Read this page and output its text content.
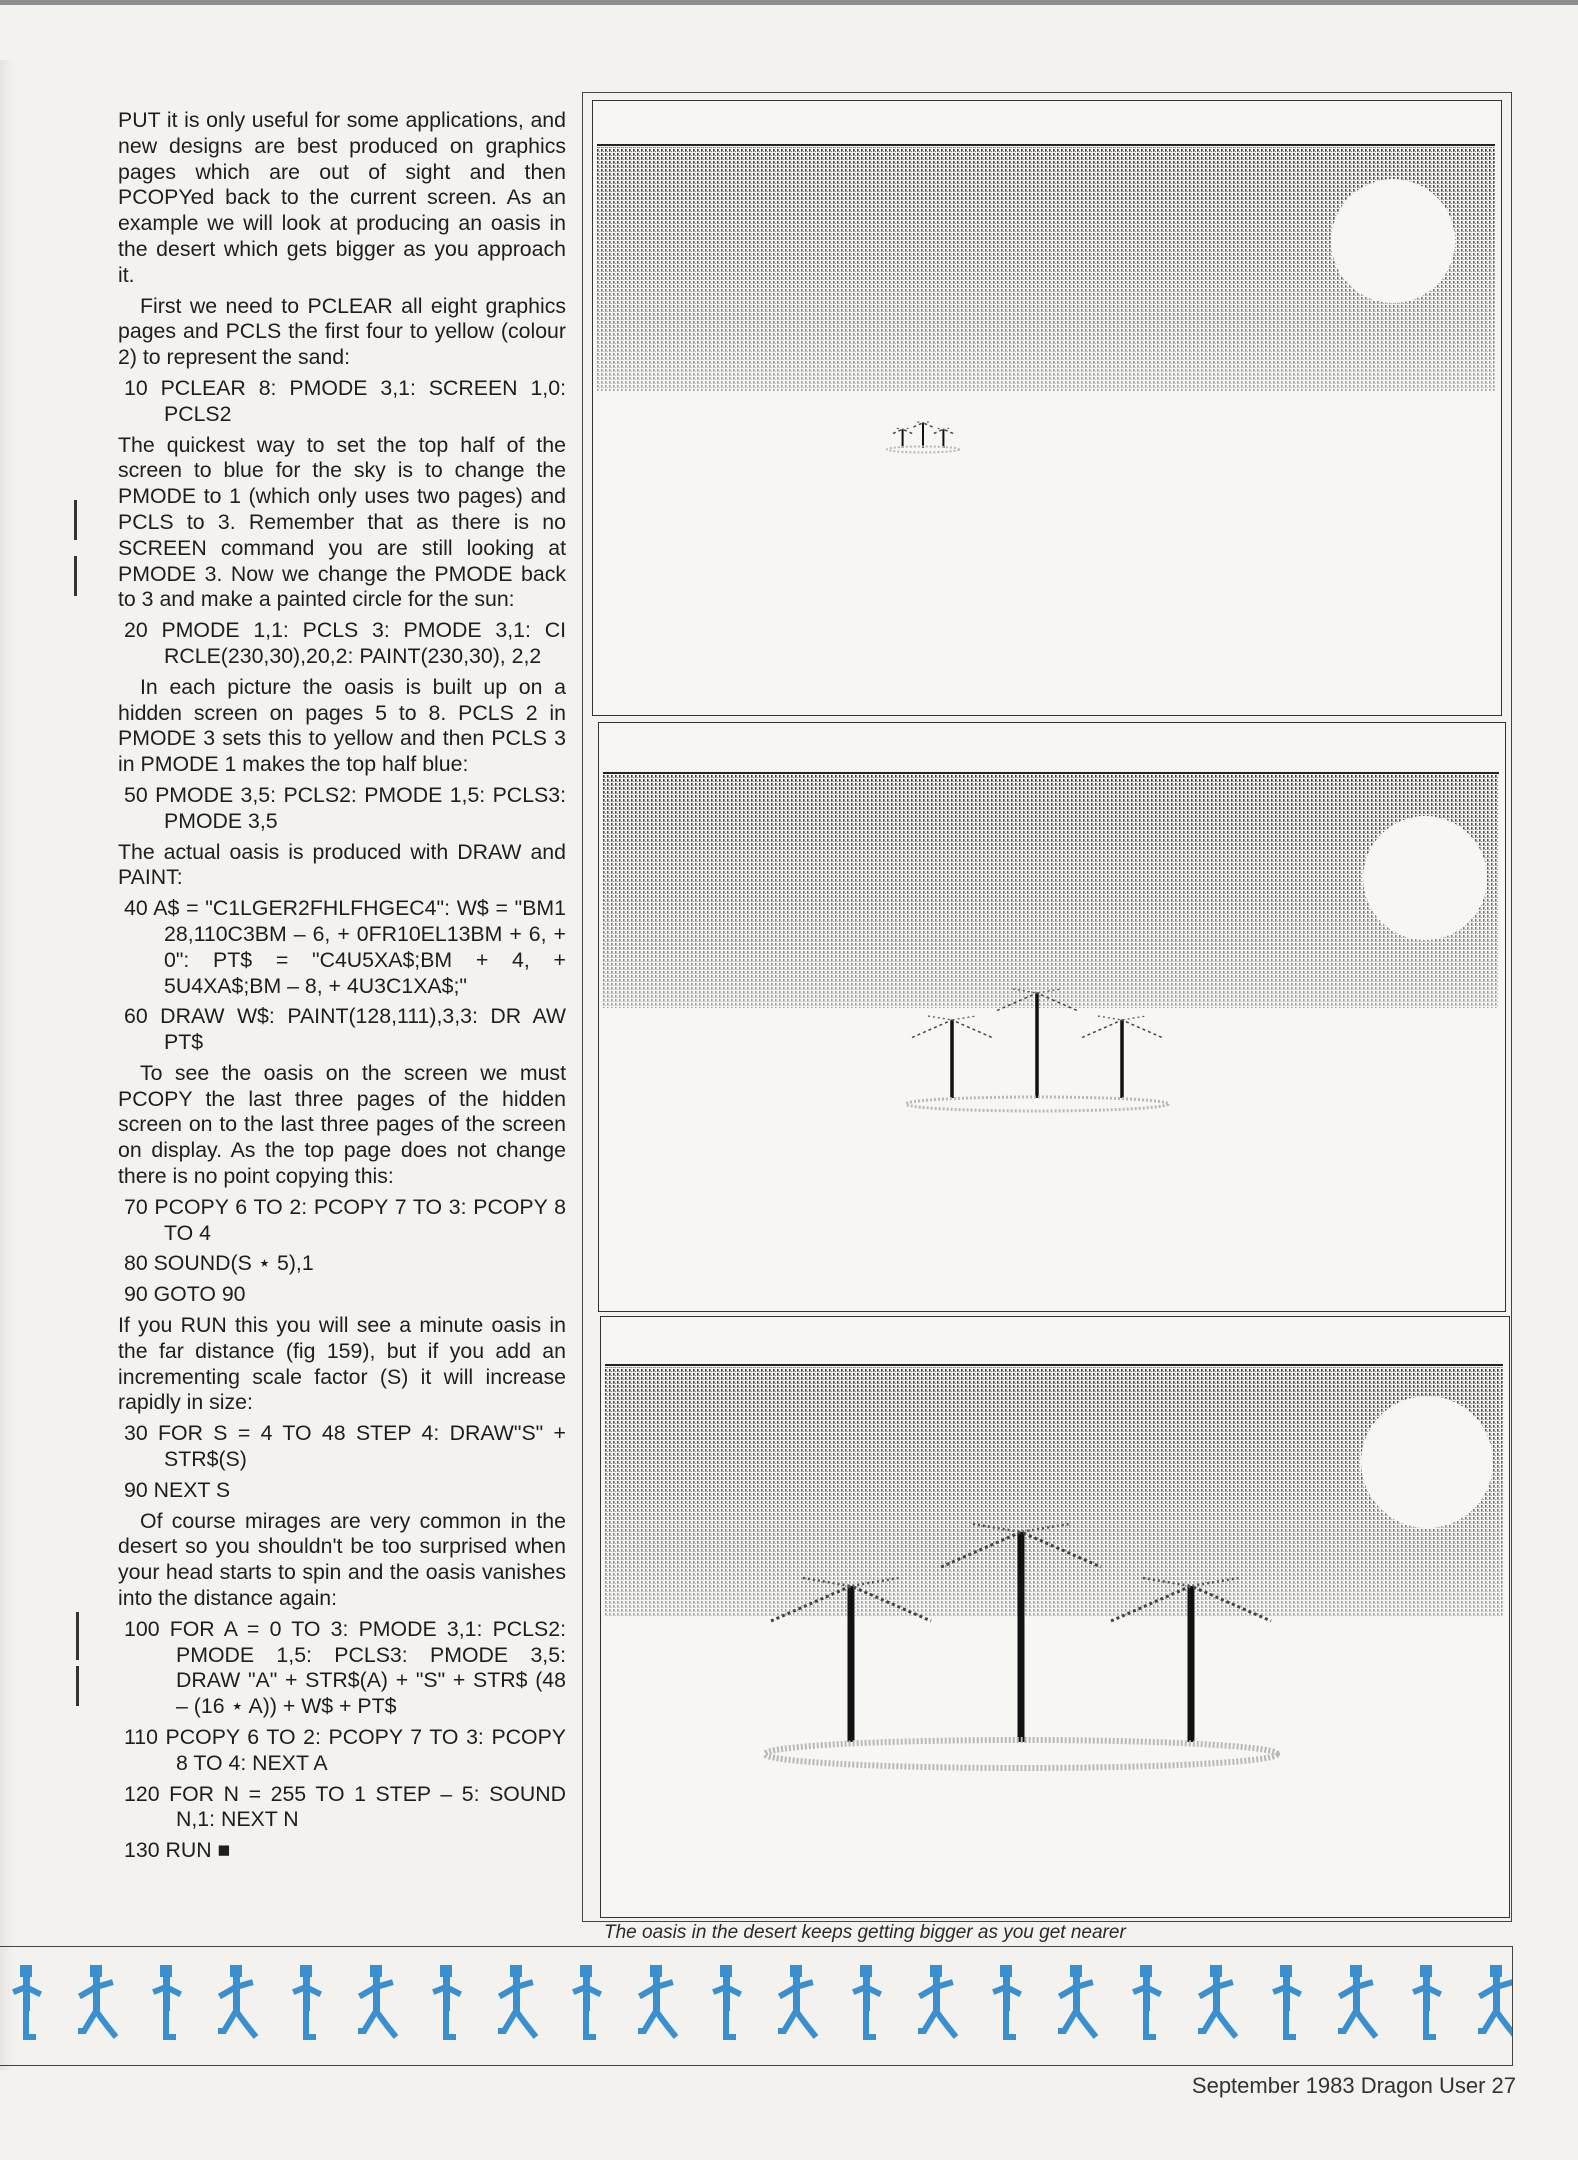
PUT it is only useful for some applications, and new designs are best produced on graphics pages which are out of sight and then PCOPYed back to the current screen. As an example we will look at producing an oasis in the desert which gets bigger as you approach it.

First we need to PCLEAR all eight graphics pages and PCLS the first four to yellow (colour 2) to represent the sand:

10 PCLEAR 8: PMODE 3,1: SCREEN 1,0: PCLS2

The quickest way to set the top half of the screen to blue for the sky is to change the PMODE to 1 (which only uses two pages) and PCLS to 3. Remember that as there is no SCREEN command you are still looking at PMODE 3. Now we change the PMODE back to 3 and make a painted circle for the sun:

20 PMODE 1,1: PCLS 3: PMODE 3,1: CI RCLE(230,30),20,2: PAINT(230,30), 2,2

In each picture the oasis is built up on a hidden screen on pages 5 to 8. PCLS 2 in PMODE 3 sets this to yellow and then PCLS 3 in PMODE 1 makes the top half blue:

50 PMODE 3,5: PCLS2: PMODE 1,5: PCLS3: PMODE 3,5

The actual oasis is produced with DRAW and PAINT:

40 A$ = "C1LGER2FHLFHGEC4": W$ = "BM1 28,110C3BM – 6, + 0FR10EL13BM + 6, + 0": PT$ = "C4U5XA$;BM + 4, + 5U4XA$;BM – 8, + 4U3C1XA$;"

60 DRAW W$: PAINT(128,111),3,3: DR AW PT$

To see the oasis on the screen we must PCOPY the last three pages of the hidden screen on to the last three pages of the screen on display. As the top page does not change there is no point copying this:

70 PCOPY 6 TO 2: PCOPY 7 TO 3: PCOPY 8 TO 4

80 SOUND(S ⋆ 5),1

90 GOTO 90

If you RUN this you will see a minute oasis in the far distance (fig 159), but if you add an incrementing scale factor (S) it will increase rapidly in size:

30 FOR S = 4 TO 48 STEP 4: DRAW"S" + STR$(S)

90 NEXT S

Of course mirages are very common in the desert so you shouldn't be too surprised when your head starts to spin and the oasis vanishes into the distance again:

100 FOR A = 0 TO 3: PMODE 3,1: PCLS2: PMODE 1,5: PCLS3: PMODE 3,5: DRAW "A" + STR$(A) + "S" + STR$ (48 – (16 ⋆ A)) + W$ + PT$

110 PCOPY 6 TO 2: PCOPY 7 TO 3: PCOPY 8 TO 4: NEXT A

120 FOR N = 255 TO 1 STEP – 5: SOUND N,1: NEXT N

130 RUN ■

The oasis in the desert keeps getting bigger as you get nearer
September 1983 Dragon User 27
